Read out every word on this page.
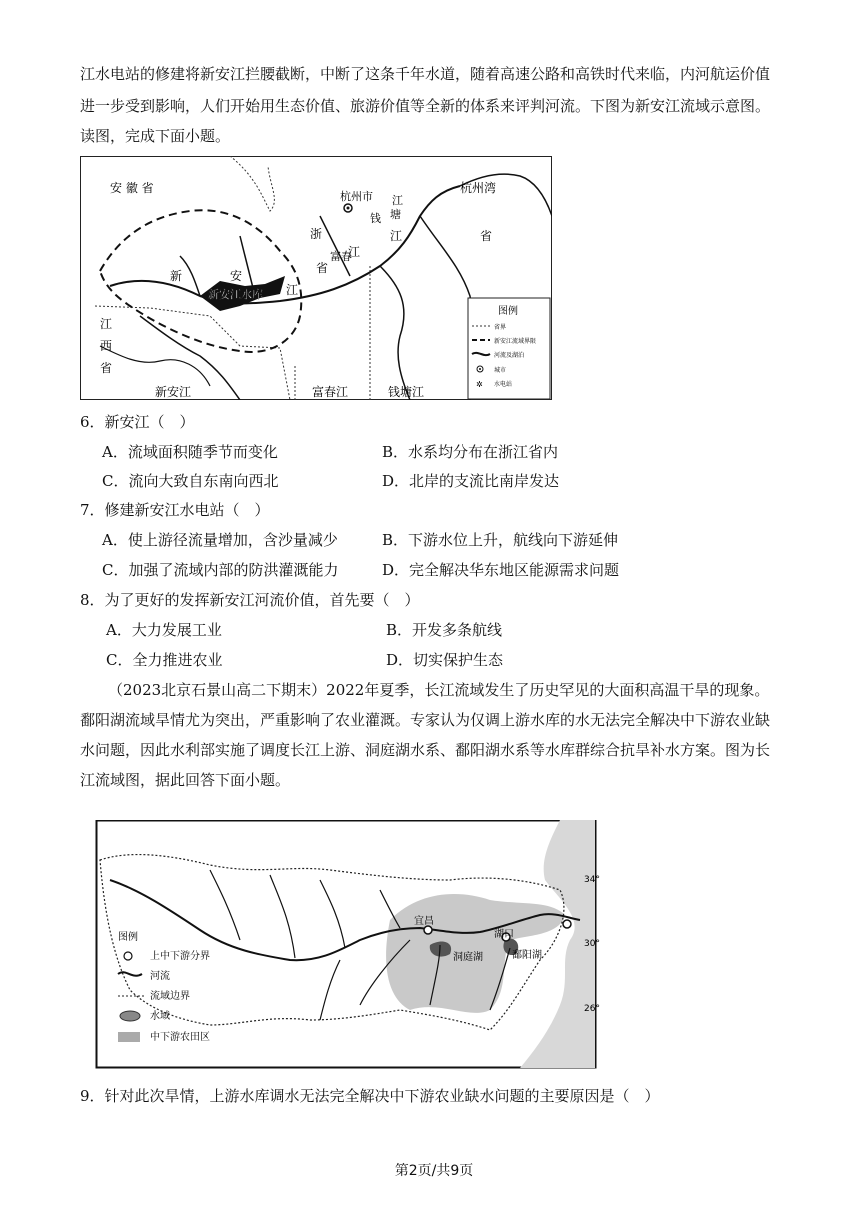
江水电站的修建将新安江拦腰截断，中断了这条千年水道，随着高速公路和高铁时代来临，内河航运价值
进一步受到影响，人们开始用生态价值、旅游价值等全新的体系来评判河流。下图为新安江流域示意图。
读图，完成下面小题。
安 徽 省
杭州市
杭州湾
钱
江
塘
浙	江	省
江
省
富春
新	安
江
新安江水库
江
西
省
新安江	富春江	钱塘江
图例
省界
新安江流域界限
河流及湖泊
城市
✲ 水电站
6．新安江（　）
A．流域面积随季节而变化	B．水系均分布在浙江省内
C．流向大致自东南向西北	D．北岸的支流比南岸发达
7．修建新安江水电站（　）
A．使上游径流量增加，含沙量减少	B．下游水位上升，航线向下游延伸
C．加强了流域内部的防洪灌溉能力	D．完全解决华东地区能源需求问题
8．为了更好的发挥新安江河流价值，首先要（　）
A．大力发展工业	B．开发多条航线
C．全力推进农业	D．切实保护生态
（2023北京石景山高二下期末）2022年夏季，长江流域发生了历史罕见的大面积高温干旱的现象。
鄱阳湖流域旱情尤为突出，严重影响了农业灌溉。专家认为仅调上游水库的水无法完全解决中下游农业缺
水问题，因此水利部实施了调度长江上游、洞庭湖水系、鄱阳湖水系等水库群综合抗旱补水方案。图为长
江流域图，据此回答下面小题。
34°
30°
26°
宜昌
湖口
洞庭湖	鄱阳湖
图例
上中下游分界
河流
流域边界
水域
中下游农田区
9．针对此次旱情，上游水库调水无法完全解决中下游农业缺水问题的主要原因是（　）
第2页/共9页
